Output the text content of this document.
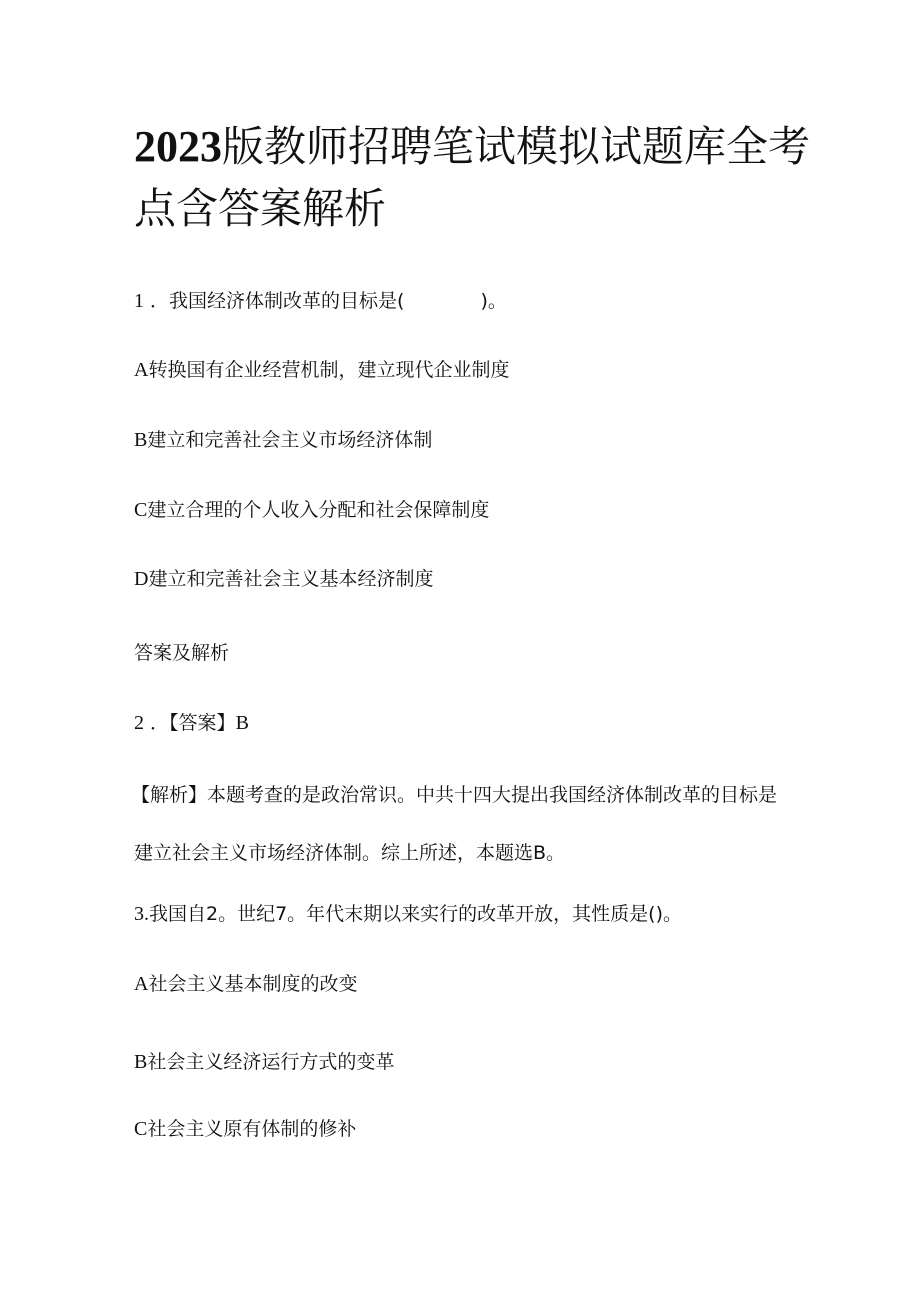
2023版教师招聘笔试模拟试题库全考点含答案解析

1 ．我国经济体制改革的目标是(　　　　)。

A转换国有企业经营机制，建立现代企业制度

B建立和完善社会主义市场经济体制

C建立合理的个人收入分配和社会保障制度

D建立和完善社会主义基本经济制度

答案及解析

2 ．【答案】B

【解析】本题考查的是政治常识。中共十四大提出我国经济体制改革的目标是建立社会主义市场经济体制。综上所述，本题选B。

3.我国自2。世纪7。年代末期以来实行的改革开放，其性质是()。

A社会主义基本制度的改变

B社会主义经济运行方式的变革

C社会主义原有体制的修补
